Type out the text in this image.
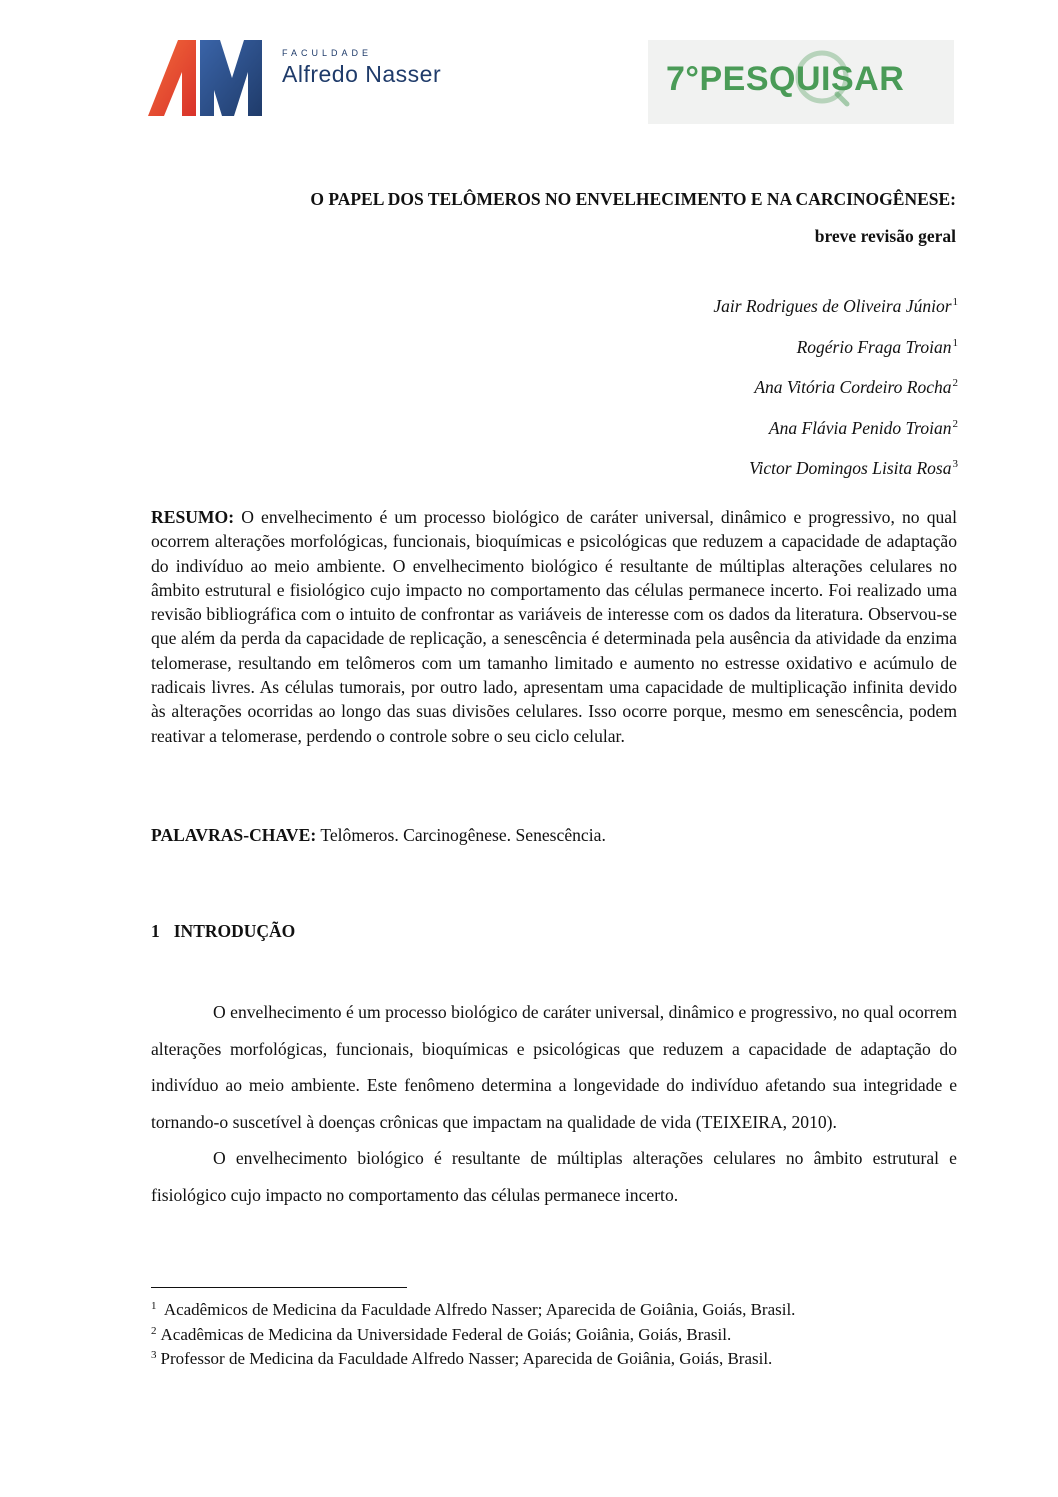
FACULDADE
Alfredo Nasser	7°PESQUISAR
O PAPEL DOS TELÔMEROS NO ENVELHECIMENTO E NA CARCINOGÊNESE:
breve revisão geral
Jair Rodrigues de Oliveira Júnior$^1$
Rogério Fraga Troian$^1$
Ana Vitória Cordeiro Rocha$^2$
Ana Flávia Penido Troian$^2$
Victor Domingos Lisita Rosa$^3$
RESUMO: O envelhecimento é um processo biológico de caráter universal, dinâmico e progressivo, no qual ocorrem alterações morfológicas, funcionais, bioquímicas e psicológicas que reduzem a capacidade de adaptação do indivíduo ao meio ambiente. O envelhecimento biológico é resultante de múltiplas alterações celulares no âmbito estrutural e fisiológico cujo impacto no comportamento das células permanece incerto. Foi realizado uma revisão bibliográfica com o intuito de confrontar as variáveis de interesse com os dados da literatura. Observou-se que além da perda da capacidade de replicação, a senescência é determinada pela ausência da atividade da enzima telomerase, resultando em telômeros com um tamanho limitado e aumento no estresse oxidativo e acúmulo de radicais livres. As células tumorais, por outro lado, apresentam uma capacidade de multiplicação infinita devido às alterações ocorridas ao longo das suas divisões celulares. Isso ocorre porque, mesmo em senescência, podem reativar a telomerase, perdendo o controle sobre o seu ciclo celular.
PALAVRAS-CHAVE: Telômeros. Carcinogênese. Senescência.
1 INTRODUÇÃO

O envelhecimento é um processo biológico de caráter universal, dinâmico e progressivo, no qual ocorrem alterações morfológicas, funcionais, bioquímicas e psicológicas que reduzem a capacidade de adaptação do indivíduo ao meio ambiente. Este fenômeno determina a longevidade do indivíduo afetando sua integridade e tornando-o suscetível à doenças crônicas que impactam na qualidade de vida (TEIXEIRA, 2010).

O envelhecimento biológico é resultante de múltiplas alterações celulares no âmbito estrutural e fisiológico cujo impacto no comportamento das células permanece incerto.

$^1$ Acadêmicos de Medicina da Faculdade Alfredo Nasser; Aparecida de Goiânia, Goiás, Brasil.
$^2$ Acadêmicas de Medicina da Universidade Federal de Goiás; Goiânia, Goiás, Brasil.
$^3$ Professor de Medicina da Faculdade Alfredo Nasser; Aparecida de Goiânia, Goiás, Brasil.
